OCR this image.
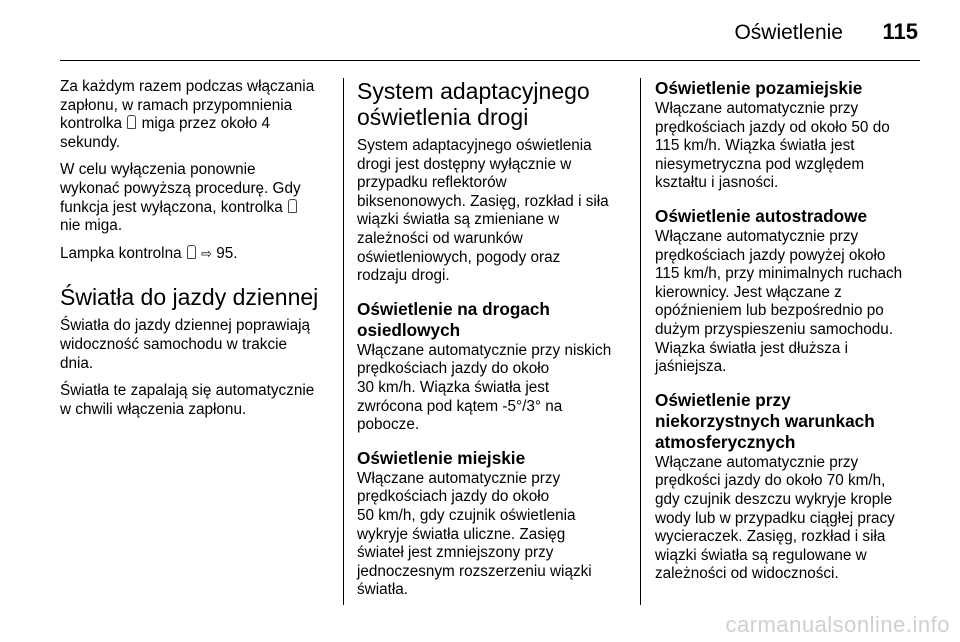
Oświetlenie 115

Za każdym razem podczas włączania
zapłonu, w ramach przypomnienia
kontrolka  miga przez około 4
sekundy.

W celu wyłączenia ponownie
wykonać powyższą procedurę. Gdy
funkcja jest wyłączona, kontrolka
nie miga.

Lampka kontrolna  ⇨ 95.

Światła do jazdy dziennej

Światła do jazdy dziennej poprawiają
widoczność samochodu w trakcie
dnia.

Światła te zapalają się automatycznie
w chwili włączenia zapłonu.

System adaptacyjnego
oświetlenia drogi

System adaptacyjnego oświetlenia
drogi jest dostępny wyłącznie w
przypadku reflektorów
biksenonowych. Zasięg, rozkład i siła
wiązki światła są zmieniane w
zależności od warunków
oświetleniowych, pogody oraz
rodzaju drogi.

Oświetlenie na drogach
osiedlowych

Włączane automatycznie przy niskich
prędkościach jazdy do około
30 km/h. Wiązka światła jest
zwrócona pod kątem -5°/3° na
pobocze.

Oświetlenie miejskie

Włączane automatycznie przy
prędkościach jazdy do około
50 km/h, gdy czujnik oświetlenia
wykryje światła uliczne. Zasięg
świateł jest zmniejszony przy
jednoczesnym rozszerzeniu wiązki
światła.

Oświetlenie pozamiejskie

Włączane automatycznie przy
prędkościach jazdy od około 50 do
115 km/h. Wiązka światła jest
niesymetryczna pod względem
kształtu i jasności.

Oświetlenie autostradowe

Włączane automatycznie przy
prędkościach jazdy powyżej około
115 km/h, przy minimalnych ruchach
kierownicy. Jest włączane z
opóźnieniem lub bezpośrednio po
dużym przyspieszeniu samochodu.
Wiązka światła jest dłuższa i
jaśniejsza.

Oświetlenie przy
niekorzystnych warunkach
atmosferycznych

Włączane automatycznie przy
prędkości jazdy do około 70 km/h,
gdy czujnik deszczu wykryje krople
wody lub w przypadku ciągłej pracy
wycieraczek. Zasięg, rozkład i siła
wiązki światła są regulowane w
zależności od widoczności.

carmanualsonline.info
